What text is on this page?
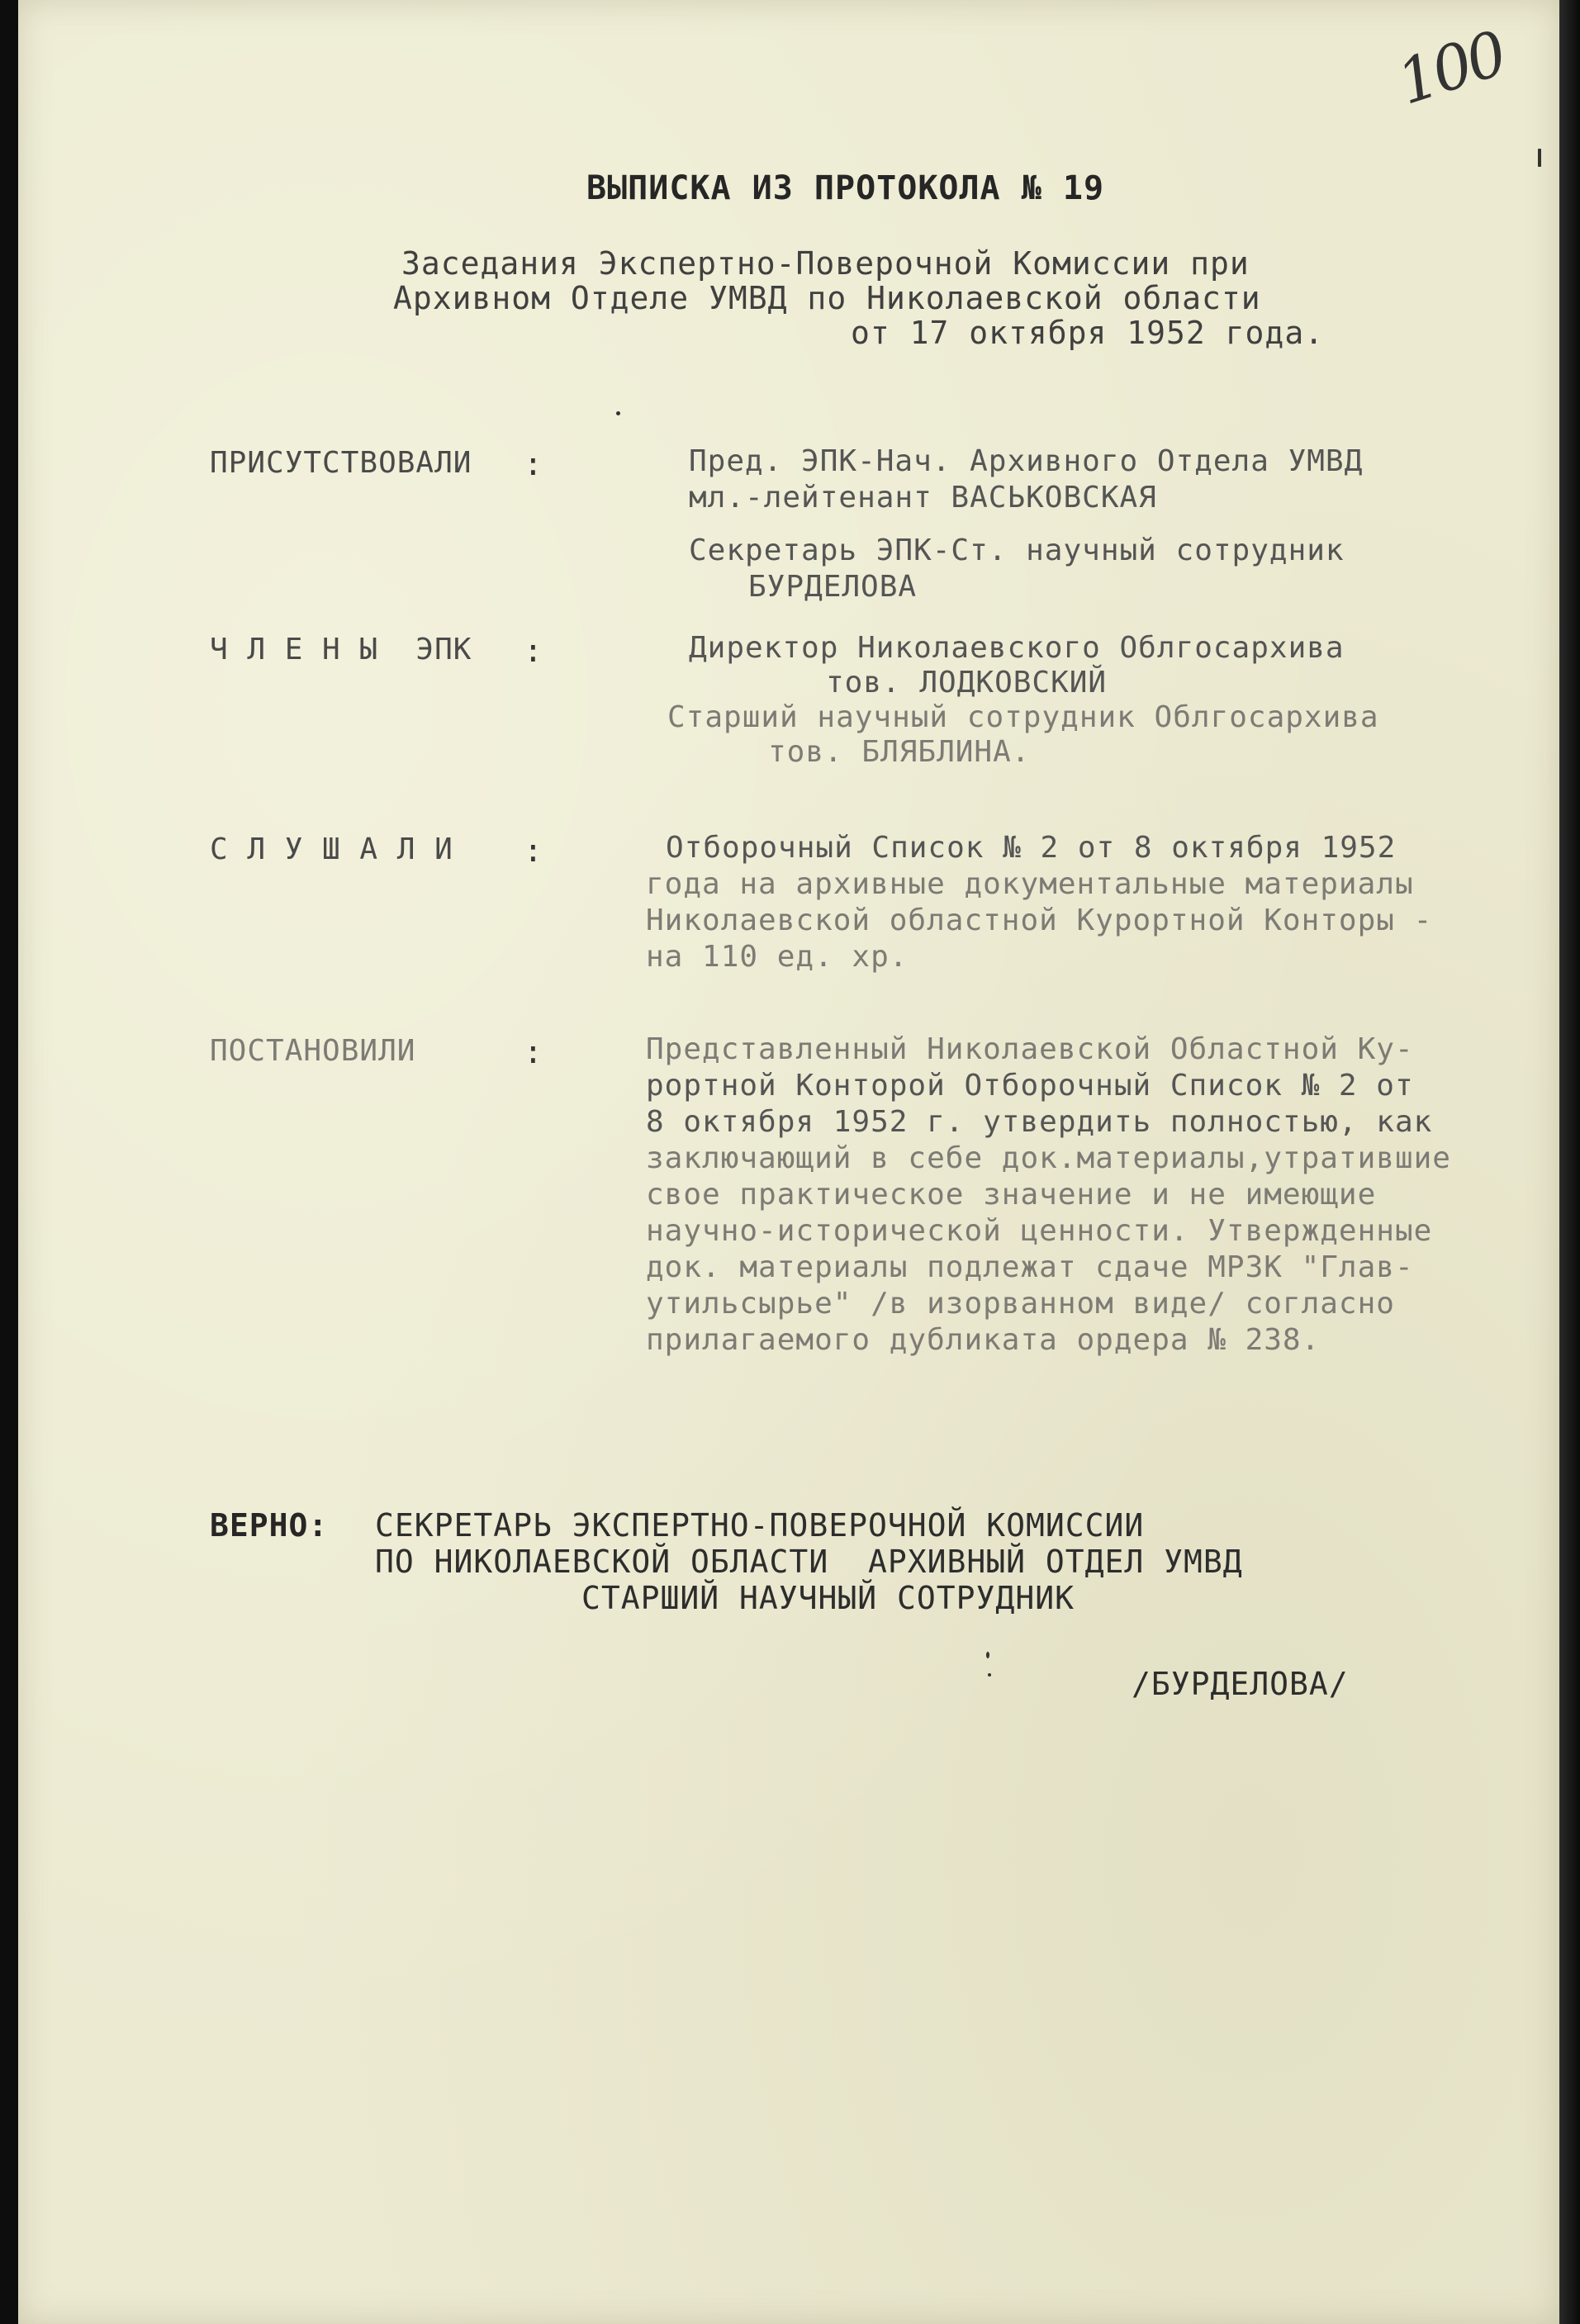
100
ВЫПИСКА ИЗ ПРОТОКОЛА № 19
Заседания Экспертно-Поверочной Комиссии при
Архивном Отделе УМВД по Николаевской области
от 17 октября 1952 года.
ПРИСУТСТВОВАЛИ :	Пред. ЭПК-Нач. Архивного Отдела УМВД
мл.-лейтенант ВАСЬКОВСКАЯ
Секретарь ЭПК-Ст. научный сотрудник
БУРДЕЛОВА
Ч Л Е Н Ы  ЭПК :	Директор Николаевского Облгосархива
тов. ЛОДКОВСКИЙ
Старший научный сотрудник Облгосархива
тов. БЛЯБЛИНА.
С Л У Ш А Л И :	Отборочный Список № 2 от 8 октября 1952
года на архивные документальные материалы
Николаевской областной Курортной Конторы -
на 110 ед. хр.
ПОСТАНОВИЛИ	:	Представленный Николаевской Областной Ку-
рортной Конторой Отборочный Список № 2 от
8 октября 1952 г. утвердить полностью, как
заключающий в себе док.материалы,утратившие
свое практическое значение и не имеющие
научно-исторической ценности. Утвержденные
док. материалы подлежат сдаче МРЗК "Глав-
утильсырье" /в изорванном виде/ согласно
прилагаемого дубликата ордера № 238.
ВЕРНО: СЕКРЕТАРЬ ЭКСПЕРТНО-ПОВЕРОЧНОЙ КОМИССИИ
ПО НИКОЛАЕВСКОЙ ОБЛАСТИ  АРХИВНЫЙ ОТДЕЛ УМВД
СТАРШИЙ НАУЧНЫЙ СОТРУДНИК
/БУРДЕЛОВА/
